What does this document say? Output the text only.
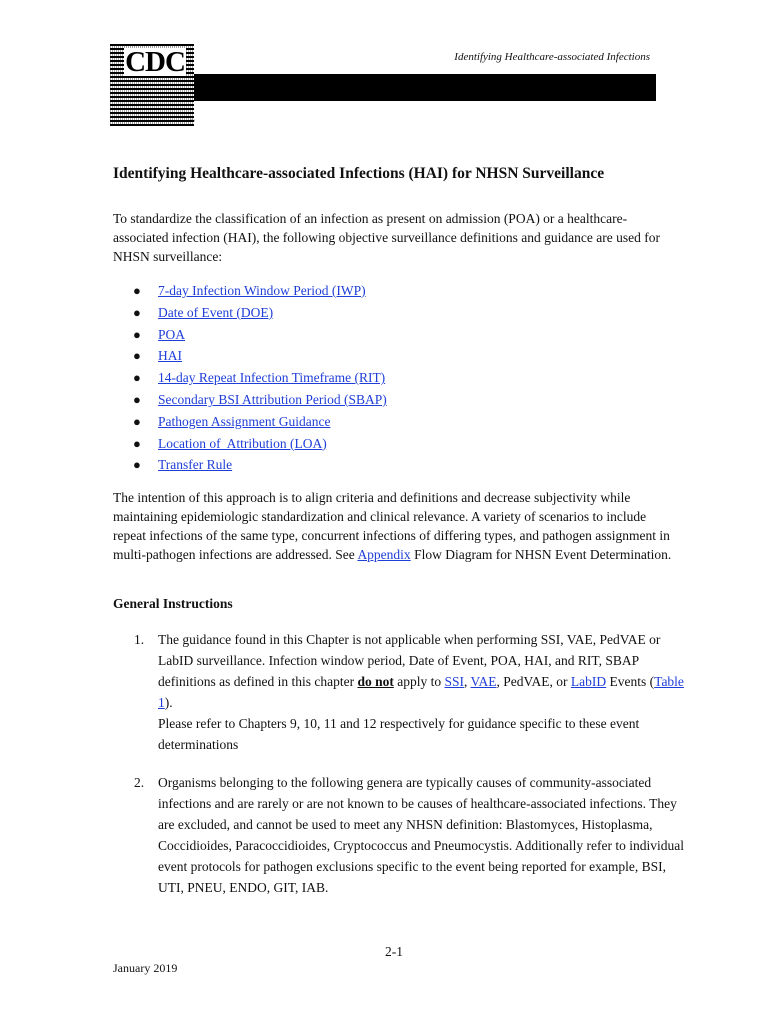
CDC
™
Identifying Healthcare-associated Infections
Identifying Healthcare-associated Infections (HAI) for NHSN Surveillance
To standardize the classification of an infection as present on admission (POA) or a healthcare-associated infection (HAI), the following objective surveillance definitions and guidance are used for NHSN surveillance:
● 7-day Infection Window Period (IWP)
● Date of Event (DOE)
● POA
● HAI
● 14-day Repeat Infection Timeframe (RIT)
● Secondary BSI Attribution Period (SBAP)
● Pathogen Assignment Guidance
● Location of  Attribution (LOA)
● Transfer Rule
The intention of this approach is to align criteria and definitions and decrease subjectivity while maintaining epidemiologic standardization and clinical relevance. A variety of scenarios to include repeat infections of the same type, concurrent infections of differing types, and pathogen assignment in multi-pathogen infections are addressed. See Appendix Flow Diagram for NHSN Event Determination.
General Instructions
1. The guidance found in this Chapter is not applicable when performing SSI, VAE, PedVAE or LabID surveillance. Infection window period, Date of Event, POA, HAI, and RIT, SBAP definitions as defined in this chapter do not apply to SSI, VAE, PedVAE, or LabID Events (Table 1).
Please refer to Chapters 9, 10, 11 and 12 respectively for guidance specific to these event determinations
2. Organisms belonging to the following genera are typically causes of community-associated infections and are rarely or are not known to be causes of healthcare-associated infections. They are excluded, and cannot be used to meet any NHSN definition: Blastomyces, Histoplasma, Coccidioides, Paracoccidioides, Cryptococcus and Pneumocystis. Additionally refer to individual event protocols for pathogen exclusions specific to the event being reported for example, BSI, UTI, PNEU, ENDO, GIT, IAB.
2-1
January 2019
